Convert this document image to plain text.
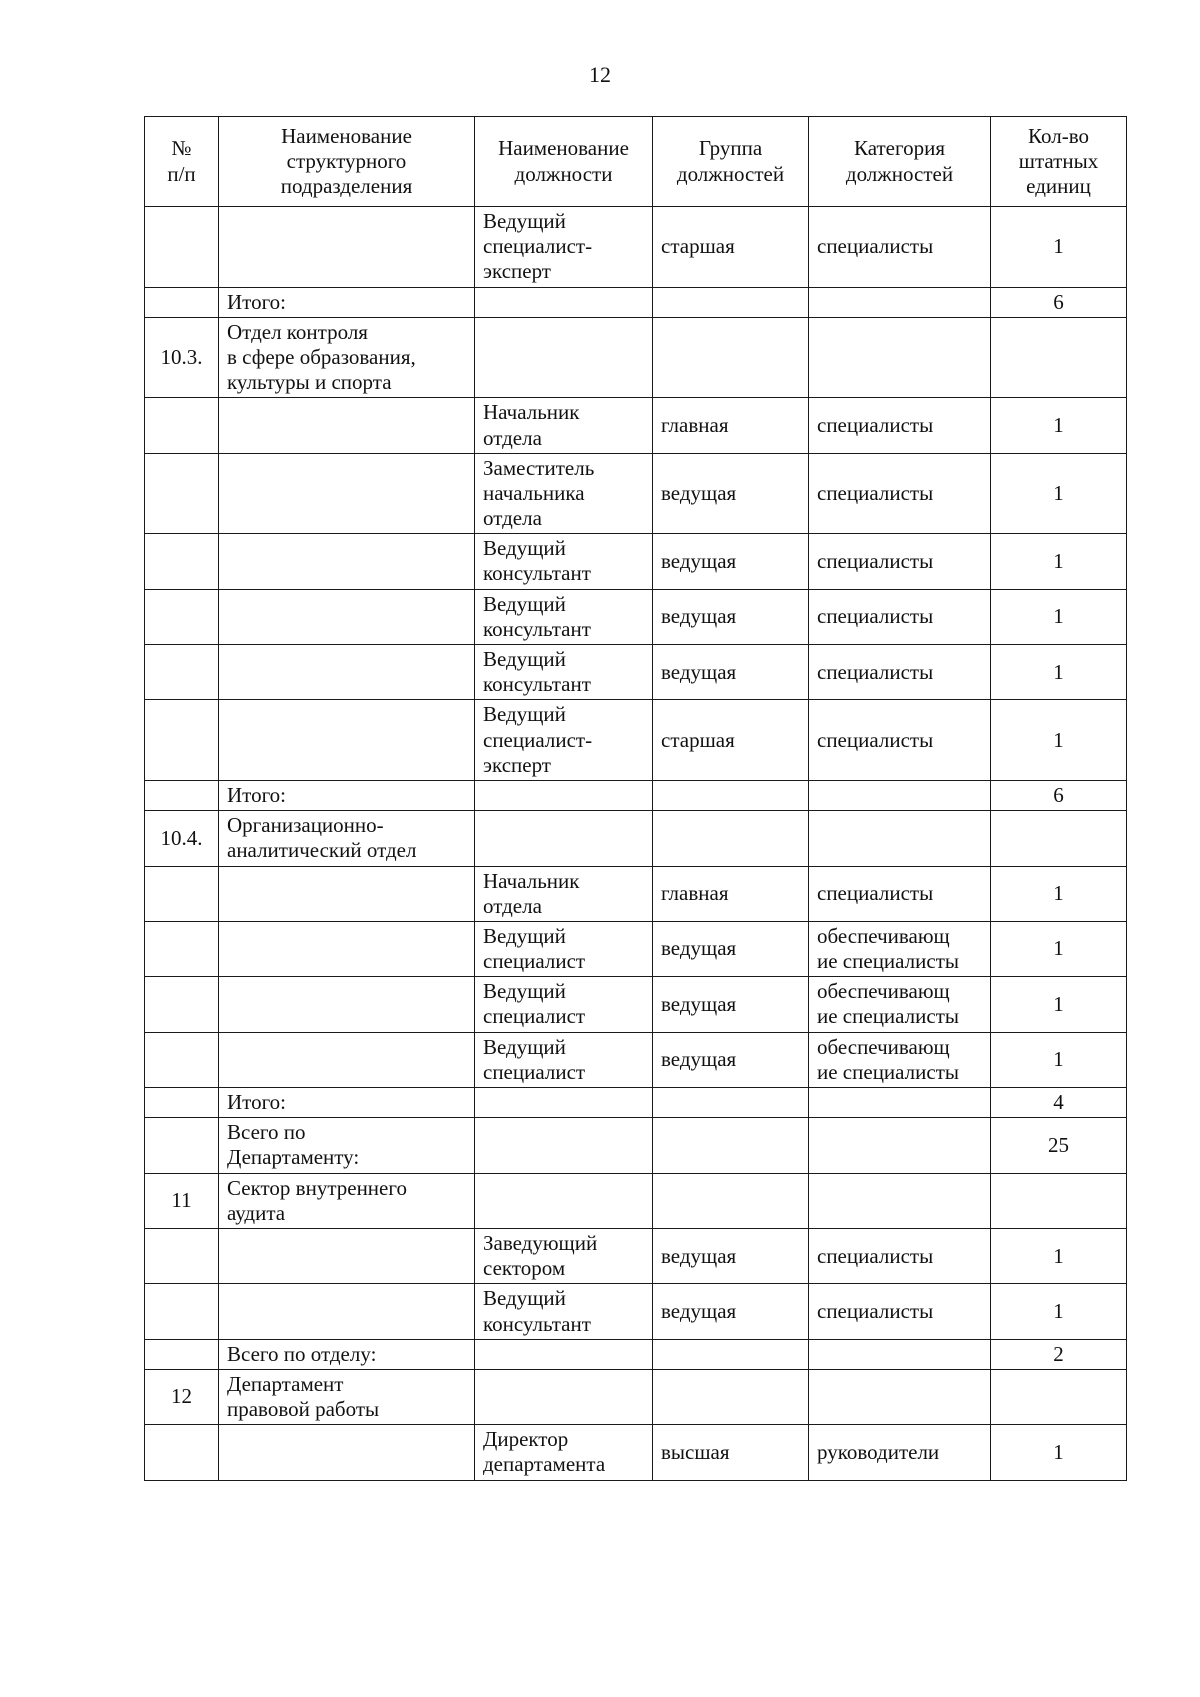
12
№
п/п	Наименование
структурного
подразделения	Наименование
должности	Группа
должностей	Категория
должностей	Кол-во
штатных
единиц
		Ведущий
специалист-
эксперт	старшая	специалисты	1
	Итого:				6
10.3.	Отдел контроля
в сфере образования,
культуры и спорта				
		Начальник
отдела	главная	специалисты	1
		Заместитель
начальника
отдела	ведущая	специалисты	1
		Ведущий
консультант	ведущая	специалисты	1
		Ведущий
консультант	ведущая	специалисты	1
		Ведущий
консультант	ведущая	специалисты	1
		Ведущий
специалист-
эксперт	старшая	специалисты	1
	Итого:				6
10.4.	Организационно-
аналитический отдел				
		Начальник
отдела	главная	специалисты	1
		Ведущий
специалист	ведущая	обеспечивающ
ие специалисты	1
		Ведущий
специалист	ведущая	обеспечивающ
ие специалисты	1
		Ведущий
специалист	ведущая	обеспечивающ
ие специалисты	1
	Итого:				4
	Всего по
Департаменту:				25
11	Сектор внутреннего
аудита				
		Заведующий
сектором	ведущая	специалисты	1
		Ведущий
консультант	ведущая	специалисты	1
	Всего по отделу:				2
12	Департамент
правовой работы				
		Директор
департамента	высшая	руководители	1
